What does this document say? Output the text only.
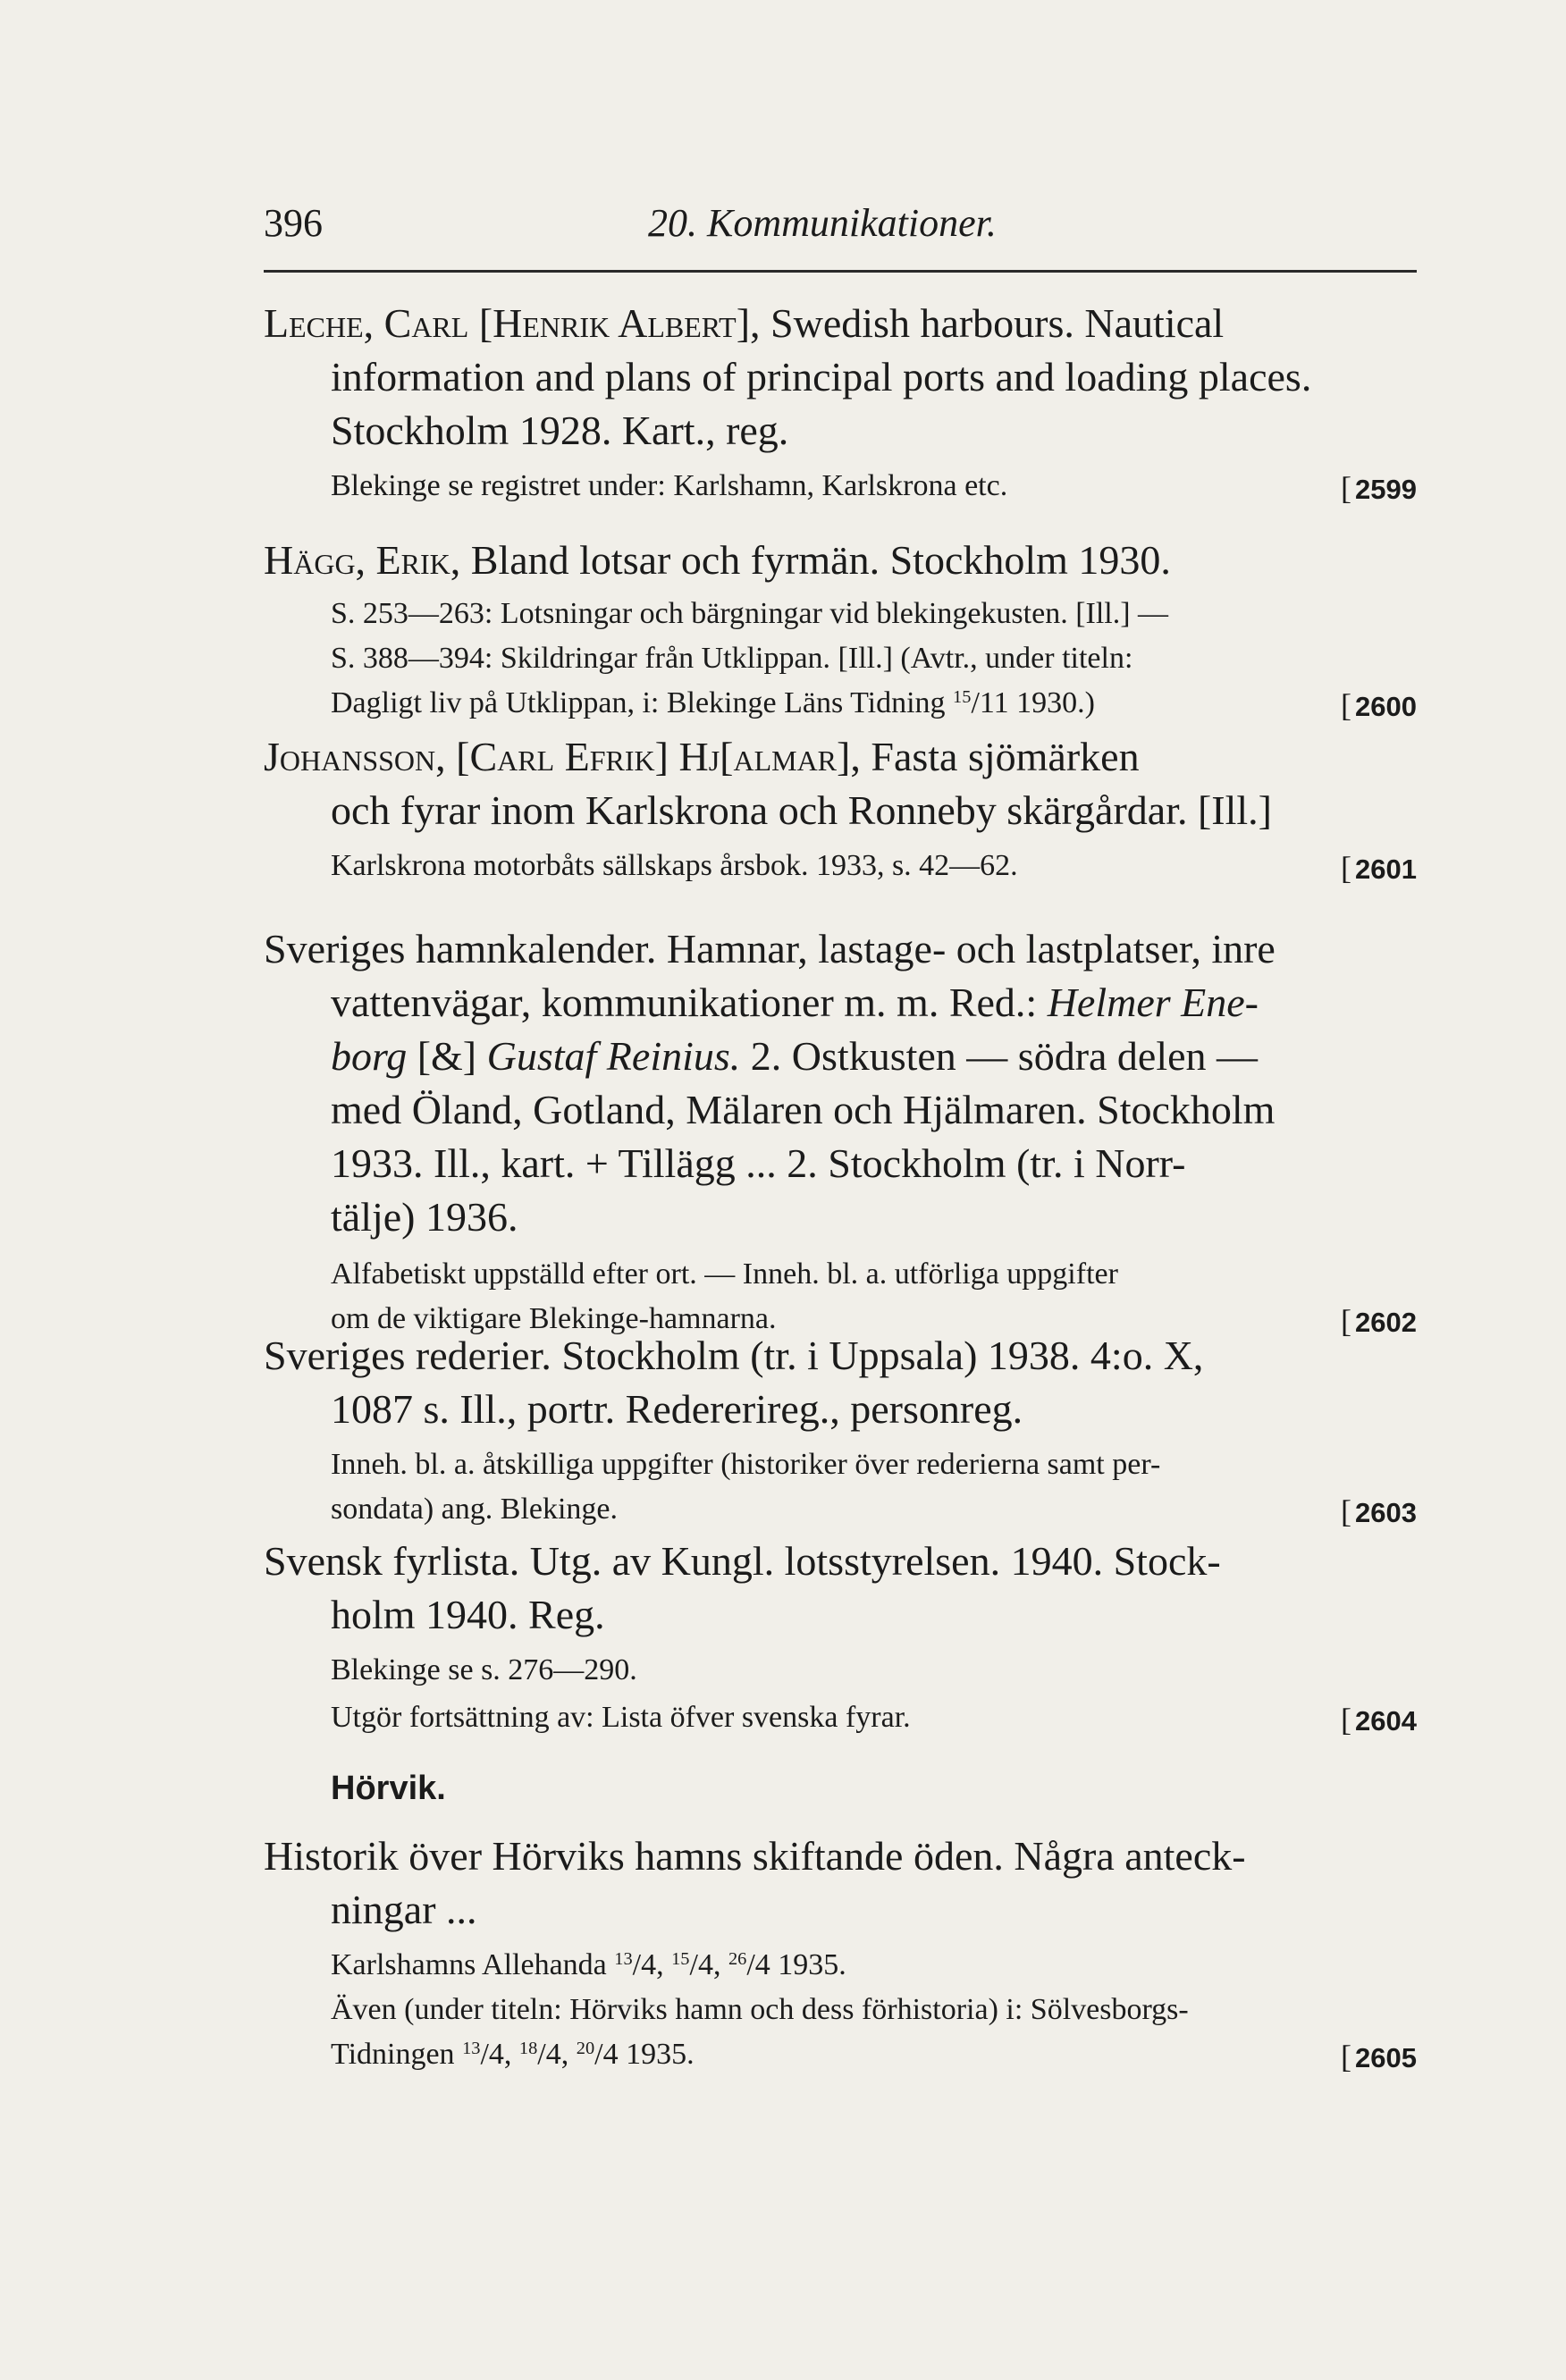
396	20. Kommunikationer.
Leche, Carl [Henrik Albert], Swedish harbours. Nautical
information and plans of principal ports and loading places.
Stockholm 1928. Kart., reg.
Blekinge se registret under: Karlshamn, Karlskrona etc.	[ 2599
Hägg, Erik, Bland lotsar och fyrmän. Stockholm 1930.
S. 253—263: Lotsningar och bärgningar vid blekingekusten. [Ill.] —
S. 388—394: Skildringar från Utklippan. [Ill.] (Avtr., under titeln:
Dagligt liv på Utklippan, i: Blekinge Läns Tidning $^{15}$/11 1930.)	[ 2600
Johansson, [Carl Efrik] Hj[almar], Fasta sjömärken
och fyrar inom Karlskrona och Ronneby skärgårdar. [Ill.]
Karlskrona motorbåts sällskaps årsbok. 1933, s. 42—62.	[ 2601
Sveriges hamnkalender. Hamnar, lastage- och lastplatser, inre
vattenvägar, kommunikationer m. m. Red.: Helmer Ene-
borg [&] Gustaf Reinius. 2. Ostkusten — södra delen —
med Öland, Gotland, Mälaren och Hjälmaren. Stockholm
1933. Ill., kart. + Tillägg ... 2. Stockholm (tr. i Norr-
tälje) 1936.
Alfabetiskt uppställd efter ort. — Inneh. bl. a. utförliga uppgifter
om de viktigare Blekinge-hamnarna.	[ 2602
Sveriges rederier. Stockholm (tr. i Uppsala) 1938. 4:o. X,
1087 s. Ill., portr. Redererireg., personreg.
Inneh. bl. a. åtskilliga uppgifter (historiker över rederierna samt per-
sondata) ang. Blekinge.	[ 2603
Svensk fyrlista. Utg. av Kungl. lotsstyrelsen. 1940. Stock-
holm 1940. Reg.
Blekinge se s. 276—290.
Utgör fortsättning av: Lista öfver svenska fyrar.	[ 2604
Hörvik.
Historik över Hörviks hamns skiftande öden. Några anteck-
ningar ...
Karlshamns Allehanda $^{13}$/4, $^{15}$/4, $^{26}$/4 1935.
Även (under titeln: Hörviks hamn och dess förhistoria) i: Sölvesborgs-
Tidningen $^{13}$/4, $^{18}$/4, $^{20}$/4 1935.	[ 2605
